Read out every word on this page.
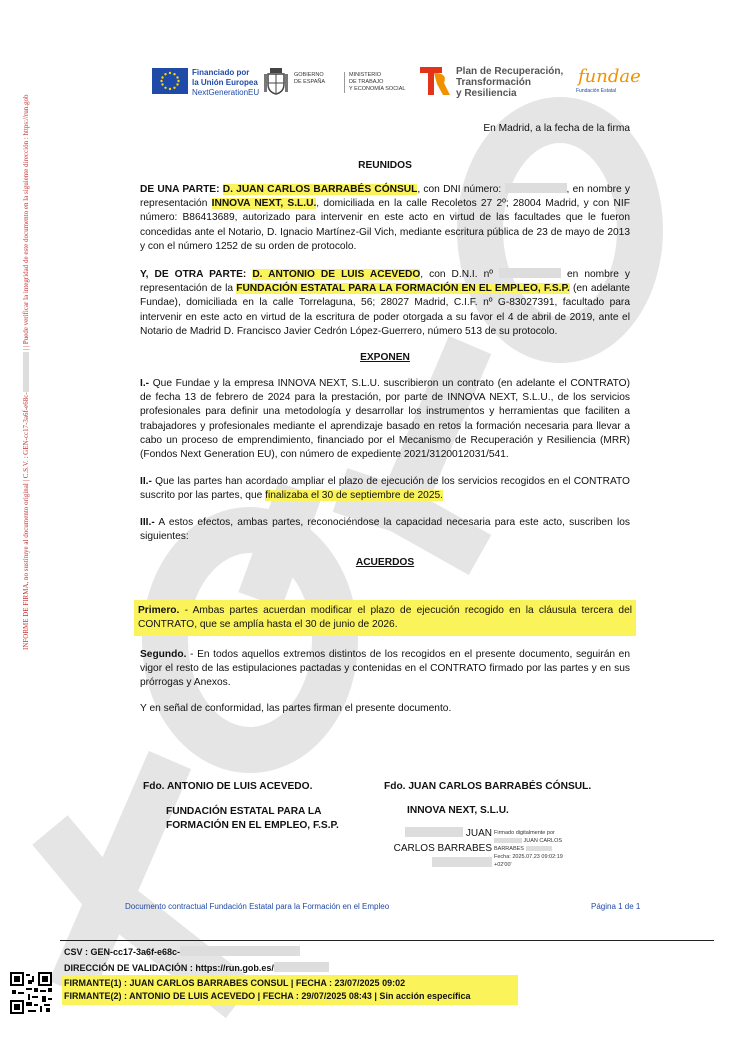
INFORME DE FIRMA, no sustituye al documento original | C.S.V. : GEN-cc17-3a6f-e68c- | | Puede verificar la integridad de este documento en la siguiente dirección : https://run.gob
Financiado por
la Unión Europea
NextGenerationEU
GOBIERNO
DE ESPAÑA
MINISTERIO
DE TRABAJO
Y ECONOMÍA SOCIAL
Plan de Recuperación,
Transformación
y Resiliencia
fundae
Fundación Estatal
OK-OK
En Madrid, a la fecha de la firma
REUNIDOS
DE UNA PARTE: D. JUAN CARLOS BARRABÉS CÓNSUL, con DNI número:	, en nombre y representación INNOVA NEXT, S.L.U., domiciliada en la calle Recoletos 27 2º; 28004 Madrid, y con NIF número: B86413689, autorizado para intervenir en este acto en virtud de las facultades que le fueron concedidas ante el Notario, D. Ignacio Martínez-Gil Vich, mediante escritura pública de 23 de mayo de 2013 y con el número 1252 de su orden de protocolo.
Y, DE OTRA PARTE: D. ANTONIO DE LUIS ACEVEDO, con D.N.I. nº	en nombre y representación de la FUNDACIÓN ESTATAL PARA LA FORMACIÓN EN EL EMPLEO, F.S.P. (en adelante Fundae), domiciliada en la calle Torrelaguna, 56; 28027 Madrid, C.I.F. nº G-83027391, facultado para intervenir en este acto en virtud de la escritura de poder otorgada a su favor el 4 de abril de 2019, ante el Notario de Madrid D. Francisco Javier Cedrón López-Guerrero, número 513 de su protocolo.
EXPONEN
I.- Que Fundae y la empresa INNOVA NEXT, S.L.U. suscribieron un contrato (en adelante el CONTRATO) de fecha 13 de febrero de 2024 para la prestación, por parte de INNOVA NEXT, S.L.U., de los servicios profesionales para definir una metodología y desarrollar los instrumentos y herramientas que faciliten a trabajadores y profesionales mediante el aprendizaje basado en retos la formación necesaria para llevar a cabo un proceso de emprendimiento, financiado por el Mecanismo de Recuperación y Resiliencia (MRR) (Fondos Next Generation EU), con número de expediente 2021/3120012031/541.
II.- Que las partes han acordado ampliar el plazo de ejecución de los servicios recogidos en el CONTRATO suscrito por las partes, que finalizaba el 30 de septiembre de 2025.
III.- A estos efectos, ambas partes, reconociéndose la capacidad necesaria para este acto, suscriben los siguientes:
ACUERDOS
Primero. - Ambas partes acuerdan modificar el plazo de ejecución recogido en la cláusula tercera del CONTRATO, que se amplía hasta el 30 de junio de 2026.
Segundo. - En todos aquellos extremos distintos de los recogidos en el presente documento, seguirán en vigor el resto de las estipulaciones pactadas y contenidas en el CONTRATO firmado por las partes y en sus prórrogas y Anexos.
Y en señal de conformidad, las partes firman el presente documento.
Fdo. ANTONIO DE LUIS ACEVEDO.
FUNDACIÓN ESTATAL PARA LA
FORMACIÓN EN EL EMPLEO, F.S.P.
Fdo. JUAN CARLOS BARRABÉS CÓNSUL.
INNOVA NEXT, S.L.U.
JUAN
CARLOS BARRABES
Firmado digitalmente por
JUAN CARLOS
BARRABES
Fecha: 2025.07.23 09:02:19
+02'00'
Documento contractual Fundación Estatal para la Formación en el Empleo	Página 1 de 1
CSV : GEN-cc17-3a6f-e68c-
DIRECCIÓN DE VALIDACIÓN : https://run.gob.es/
FIRMANTE(1) : JUAN CARLOS BARRABES CONSUL | FECHA : 23/07/2025 09:02
FIRMANTE(2) : ANTONIO DE LUIS ACEVEDO | FECHA : 29/07/2025 08:43 | Sin acción específica
